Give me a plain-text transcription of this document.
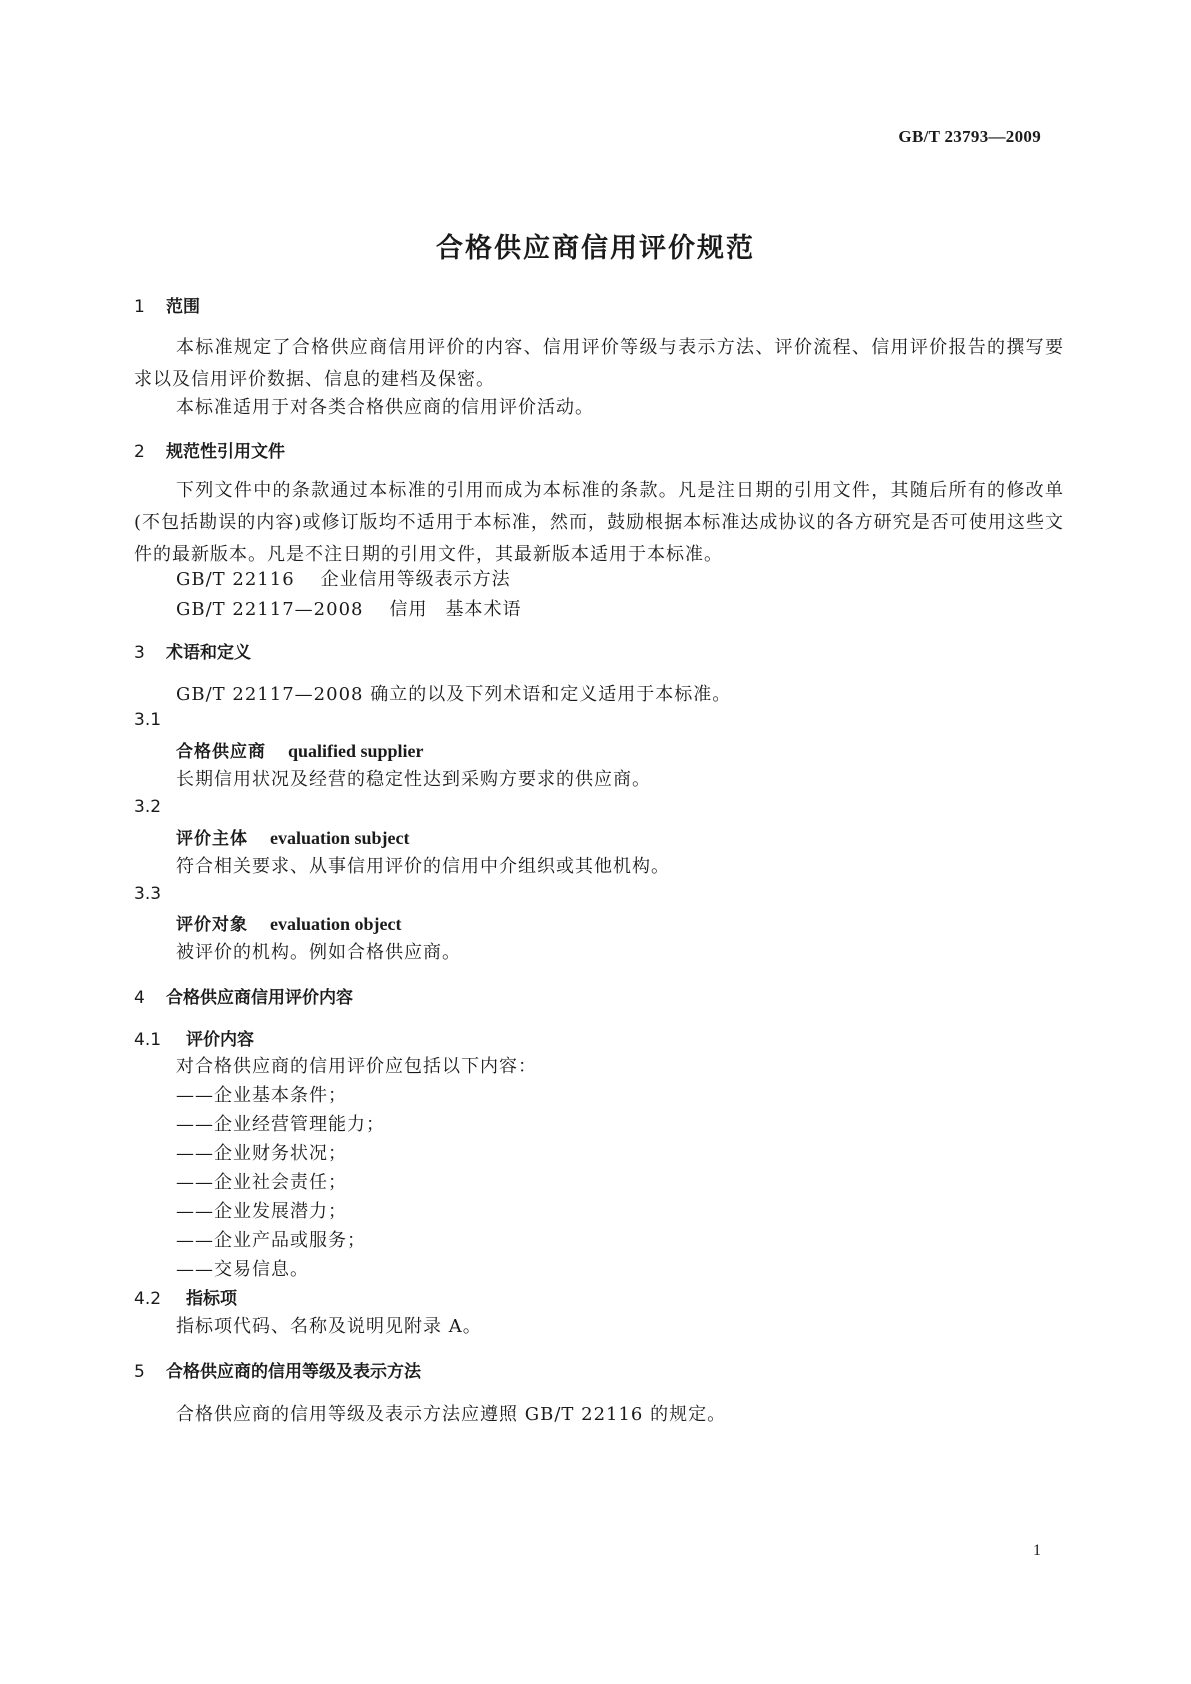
GB/T 23793—2009
合格供应商信用评价规范
1 范围
本标准规定了合格供应商信用评价的内容、信用评价等级与表示方法、评价流程、信用评价报告的撰写要求以及信用评价数据、信息的建档及保密。
本标准适用于对各类合格供应商的信用评价活动。
2 规范性引用文件
下列文件中的条款通过本标准的引用而成为本标准的条款。凡是注日期的引用文件，其随后所有的修改单(不包括勘误的内容)或修订版均不适用于本标准，然而，鼓励根据本标准达成协议的各方研究是否可使用这些文件的最新版本。凡是不注日期的引用文件，其最新版本适用于本标准。
GB/T 22116 企业信用等级表示方法
GB/T 22117—2008 信用 基本术语
3 术语和定义
GB/T 22117—2008 确立的以及下列术语和定义适用于本标准。
3.1
合格供应商 qualified supplier
长期信用状况及经营的稳定性达到采购方要求的供应商。
3.2
评价主体 evaluation subject
符合相关要求、从事信用评价的信用中介组织或其他机构。
3.3
评价对象 evaluation object
被评价的机构。例如合格供应商。
4 合格供应商信用评价内容
4.1 评价内容
对合格供应商的信用评价应包括以下内容：
——企业基本条件；
——企业经营管理能力；
——企业财务状况；
——企业社会责任；
——企业发展潜力；
——企业产品或服务；
——交易信息。
4.2 指标项
指标项代码、名称及说明见附录 A。
5 合格供应商的信用等级及表示方法
合格供应商的信用等级及表示方法应遵照 GB/T 22116 的规定。
1
